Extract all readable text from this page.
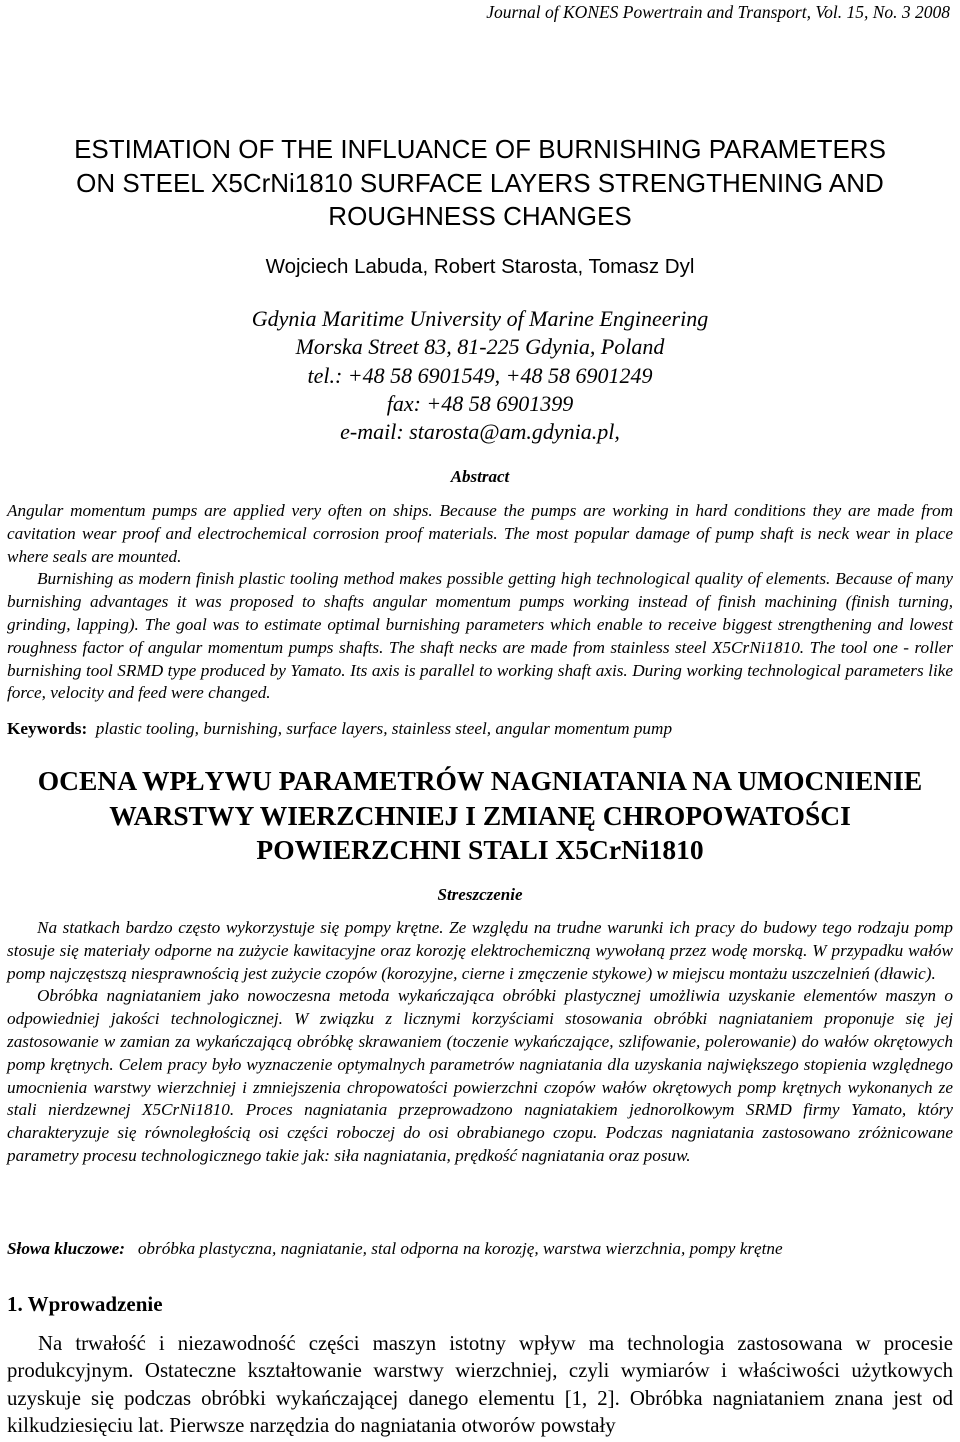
Journal of KONES Powertrain and Transport, Vol. 15, No. 3 2008
ESTIMATION OF THE INFLUANCE OF BURNISHING PARAMETERS
ON STEEL X5CrNi1810 SURFACE LAYERS STRENGTHENING AND
ROUGHNESS CHANGES
Wojciech Labuda, Robert Starosta, Tomasz Dyl
Gdynia Maritime University of Marine Engineering
Morska Street 83, 81-225 Gdynia, Poland
tel.: +48 58 6901549, +48 58 6901249
fax: +48 58 6901399
e-mail: starosta@am.gdynia.pl,
Abstract

Angular momentum pumps are applied very often on ships. Because the pumps are working in hard conditions they are made from cavitation wear proof and electrochemical corrosion proof materials. The most popular damage of pump shaft is neck wear in place where seals are mounted.

Burnishing as modern finish plastic tooling method makes possible getting high technological quality of elements. Because of many burnishing advantages it was proposed to shafts angular momentum pumps working instead of finish machining (finish turning, grinding, lapping). The goal was to estimate optimal burnishing parameters which enable to receive biggest strengthening and lowest roughness factor of angular momentum pumps shafts. The shaft necks are made from stainless steel X5CrNi1810. The tool one - roller burnishing tool SRMD type produced by Yamato. Its axis is parallel to working shaft axis. During working technological parameters like force, velocity and feed were changed.

Keywords: plastic tooling, burnishing, surface layers, stainless steel, angular momentum pump
OCENA WPŁYWU PARAMETRÓW NAGNIATANIA NA UMOCNIENIE
WARSTWY WIERZCHNIEJ I ZMIANĘ CHROPOWATOŚCI
POWIERZCHNI STALI X5CrNi1810
Streszczenie

Na statkach bardzo często wykorzystuje się pompy krętne. Ze względu na trudne warunki ich pracy do budowy tego rodzaju pomp stosuje się materiały odporne na zużycie kawitacyjne oraz korozję elektrochemiczną wywołaną przez wodę morską. W przypadku wałów pomp najczęstszą niesprawnością jest zużycie czopów (korozyjne, cierne i zmęczenie stykowe) w miejscu montażu uszczelnień (dławic).

Obróbka nagniataniem jako nowoczesna metoda wykańczająca obróbki plastycznej umożliwia uzyskanie elementów maszyn o odpowiedniej jakości technologicznej. W związku z licznymi korzyściami stosowania obróbki nagniataniem proponuje się jej zastosowanie w zamian za wykańczającą obróbkę skrawaniem (toczenie wykańczające, szlifowanie, polerowanie) do wałów okrętowych pomp krętnych. Celem pracy było wyznaczenie optymalnych parametrów nagniatania dla uzyskania największego stopienia względnego umocnienia warstwy wierzchniej i zmniejszenia chropowatości powierzchni czopów wałów okrętowych pomp krętnych wykonanych ze stali nierdzewnej X5CrNi1810. Proces nagniatania przeprowadzono nagniatakiem jednorolkowym SRMD firmy Yamato, który charakteryzuje się równoległością osi części roboczej do osi obrabianego czopu. Podczas nagniatania zastosowano zróżnicowane parametry procesu technologicznego takie jak: siła nagniatania, prędkość nagniatania oraz posuw.

Słowa kluczowe: obróbka plastyczna, nagniatanie, stal odporna na korozję, warstwa wierzchnia, pompy krętne
1. Wprowadzenie

Na trwałość i niezawodność części maszyn istotny wpływ ma technologia zastosowana w procesie produkcyjnym. Ostateczne kształtowanie warstwy wierzchniej, czyli wymiarów i właściwości użytkowych uzyskuje się podczas obróbki wykańczającej danego elementu [1, 2]. Obróbka nagniataniem znana jest od kilkudziesięciu lat. Pierwsze narzędzia do nagniatania otworów powstały
